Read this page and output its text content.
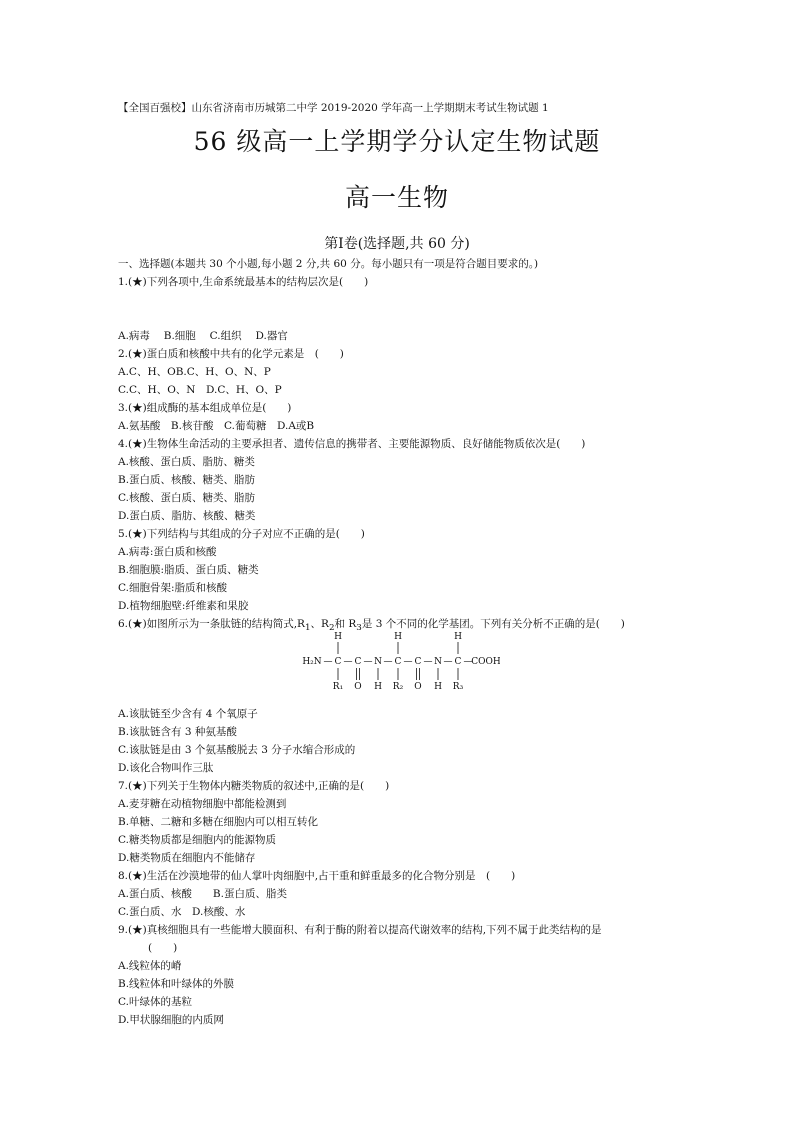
【全国百强校】山东省济南市历城第二中学 2019-2020 学年高一上学期期末考试生物试题 1
56 级高一上学期学分认定生物试题
高一生物
第Ⅰ卷(选择题,共 60 分)
一、选择题(本题共 30 个小题,每小题 2 分,共 60 分。每小题只有一项是符合题目要求的。)
1.(★)下列各项中,生命系统最基本的结构层次是(　　)
A.病毒　 B.细胞　 C.组织　 D.器官
2.(★)蛋白质和核酸中共有的化学元素是　(　　)
A.C、H、OB.C、H、O、N、P
C.C、H、O、N　D.C、H、O、P
3.(★)组成酶的基本组成单位是(　　)
A.氨基酸　B.核苷酸　C.葡萄糖　D.A或B
4.(★)生物体生命活动的主要承担者、遗传信息的携带者、主要能源物质、良好储能物质依次是(　　)
A.核酸、蛋白质、脂肪、糖类
B.蛋白质、核酸、糖类、脂肪
C.核酸、蛋白质、糖类、脂肪
D.蛋白质、脂肪、核酸、糖类
5.(★)下列结构与其组成的分子对应不正确的是(　　)
A.病毒:蛋白质和核酸
B.细胞膜:脂质、蛋白质、糖类
C.细胞骨架:脂质和核酸
D.植物细胞壁:纤维素和果胶
6.(★)如图所示为一条肽链的结构简式$,R_1$、$R_2$和 $R_3$是 3 个不同的化学基团。下列有关分析不正确的是(　　)
A.该肽链至少含有 4 个氧原子
B.该肽链含有 3 种氨基酸
C.该肽链是由 3 个氨基酸脱去 3 分子水缩合形成的
D.该化合物叫作三肽
7.(★)下列关于生物体内糖类物质的叙述中,正确的是(　　)
A.麦芽糖在动植物细胞中都能检测到
B.单糖、二糖和多糖在细胞内可以相互转化
C.糖类物质都是细胞内的能源物质
D.糖类物质在细胞内不能储存
8.(★)生活在沙漠地带的仙人掌叶肉细胞中,占干重和鲜重最多的化合物分别是　(　　)
A.蛋白质、核酸　　B.蛋白质、脂类
C.蛋白质、水　D.核酸、水
9.(★)真核细胞具有一些能增大膜面积、有利于酶的附着以提高代谢效率的结构,下列不属于此类结构的是
(　　)
A.线粒体的嵴
B.线粒体和叶绿体的外膜
C.叶绿体的基粒
D.甲状腺细胞的内质网
H₂N — C — C — N — C — C — N — C —
COOH
H	H	H
R₁ O H R₂ O H R₃
